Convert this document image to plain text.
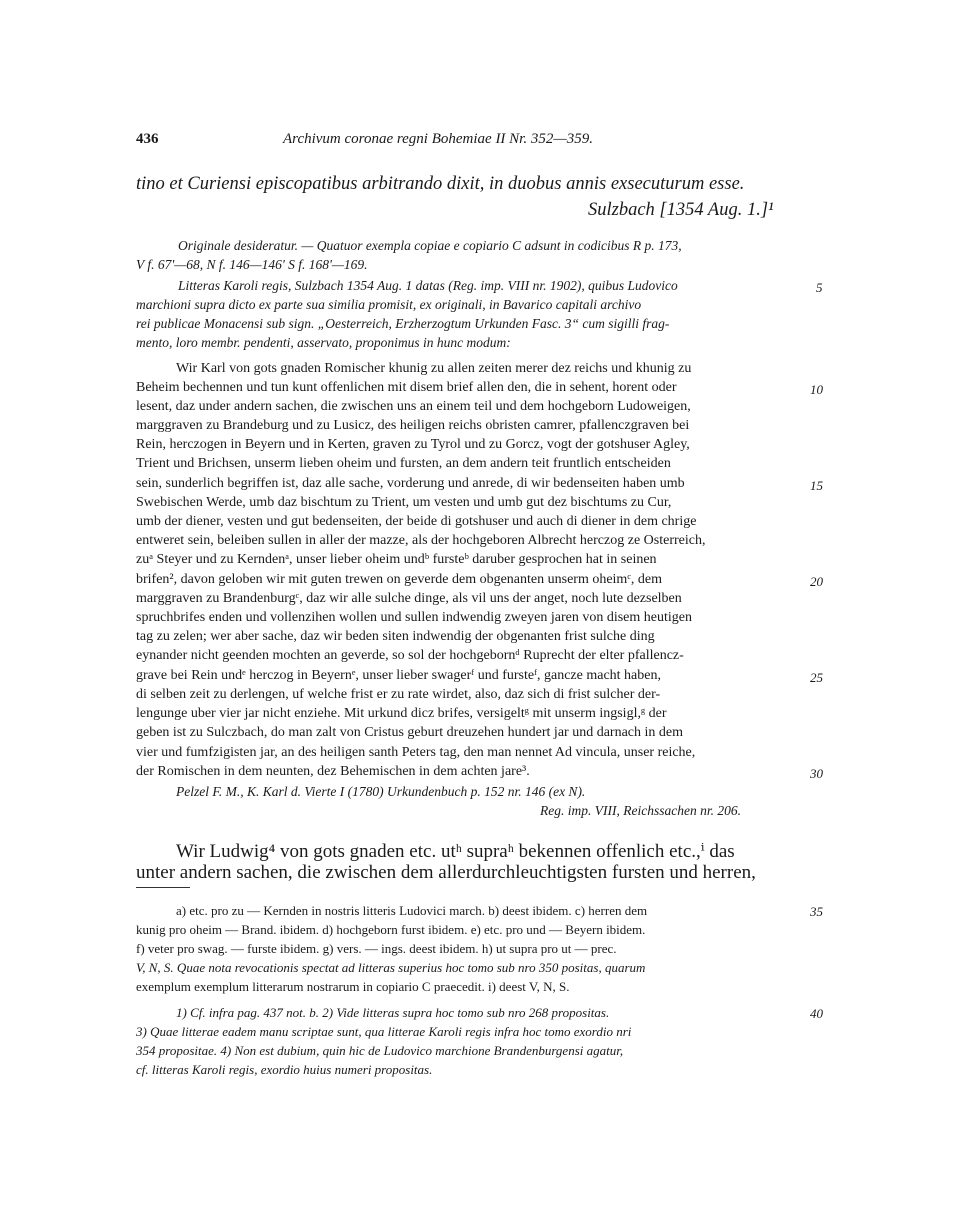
436	Archivum coronae regni Bohemiae II Nr. 352—359.
tino et Curiensi episcopatibus arbitrando dixit, in duobus annis exsecuturum esse.
Sulzbach [1354 Aug. 1.]¹
Originale desideratur. — Quatuor exempla copiae e copiario C adsunt in codicibus R p. 173,
V f. 67'—68, N f. 146—146' S f. 168'—169.
Litteras Karoli regis, Sulzbach 1354 Aug. 1 datas (Reg. imp. VIII nr. 1902), quibus Ludovico
marchioni supra dicto ex parte sua similia promisit, ex originali, in Bavarico capitali archivo
rei publicae Monacensi sub sign. „Oesterreich, Erzherzogtum Urkunden Fasc. 3“ cum sigilli frag-
mento, loro membr. pendenti, asservato, proponimus in hunc modum:
Wir Karl von gots gnaden Romischer khunig zu allen zeiten merer dez reichs und khunig zu
Beheim bechennen und tun kunt offenlichen mit disem brief allen den, die in sehent, horent oder
lesent, daz under andern sachen, die zwischen uns an einem teil und dem hochgeborn Ludoweigen,
marggraven zu Brandeburg und zu Lusicz, des heiligen reichs obristen camrer, pfallenczgraven bei
Rein, herczogen in Beyern und in Kerten, graven zu Tyrol und zu Gorcz, vogt der gotshuser Agley,
Trient und Brichsen, unserm lieben oheim und fursten, an dem andern teit fruntlich entscheiden
sein, sunderlich begriffen ist, daz alle sache, vorderung und anrede, di wir bedenseiten haben umb
Swebischen Werde, umb daz bischtum zu Trient, um vesten und umb gut dez bischtums zu Cur,
umb der diener, vesten und gut bedenseiten, der beide di gotshuser und auch di diener in dem chrige
entweret sein, beleiben sullen in aller der mazze, als der hochgeboren Albrecht herczog ze Osterreich,
zuᵃ Steyer und zu Kerndenᵃ, unser lieber oheim undᵇ fursteᵇ daruber gesprochen hat in seinen
brifen², davon geloben wir mit guten trewen on geverde dem obgenanten unserm oheimᶜ, dem
marggraven zu Brandenburgᶜ, daz wir alle sulche dinge, als vil uns der anget, noch lute dezselben
spruchbrifes enden und vollenzihen wollen und sullen indwendig zweyen jaren von disem heutigen
tag zu zelen; wer aber sache, daz wir beden siten indwendig der obgenanten frist sulche ding
eynander nicht geenden mochten an geverde, so sol der hochgebornᵈ Ruprecht der elter pfallencz-
grave bei Rein undᵉ herczog in Beyernᵉ, unser lieber swagerᶠ und fursteᶠ, gancze macht haben,
di selben zeit zu derlengen, uf welche frist er zu rate wirdet, also, daz sich di frist sulcher der-
lengunge uber vier jar nicht enziehe. Mit urkund dicz brifes, versigeltᵍ mit unserm ingsigl,ᵍ der
geben ist zu Sulczbach, do man zalt von Cristus geburt dreuzehen hundert jar und darnach in dem
vier und fumfzigisten jar, an des heiligen santh Peters tag, den man nennet Ad vincula, unser reiche,
der Romischen in dem neunten, dez Behemischen in dem achten jare³.
Pelzel F. M., K. Karl d. Vierte I (1780) Urkundenbuch p. 152 nr. 146 (ex N).
Reg. imp. VIII, Reichssachen nr. 206.
Wir Ludwig⁴ von gots gnaden etc. utʰ supraʰ bekennen offenlich etc.,ⁱ das
unter andern sachen, die zwischen dem allerdurchleuchtigsten fursten und herren,
a) etc. pro zu — Kernden in nostris litteris Ludovici march. b) deest ibidem. c) herren dem
kunig pro oheim — Brand. ibidem. d) hochgeborn furst ibidem. e) etc. pro und — Beyern ibidem.
f) veter pro swag. — furste ibidem. g) vers. — ings. deest ibidem. h) ut supra pro ut — prec.
V, N, S. Quae nota revocationis spectat ad litteras superius hoc tomo sub nro 350 positas, quarum
exemplum exemplum litterarum nostrarum in copiario C praecedit. i) deest V, N, S.
1) Cf. infra pag. 437 not. b. 2) Vide litteras supra hoc tomo sub nro 268 propositas.
3) Quae litterae eadem manu scriptae sunt, qua litterae Karoli regis infra hoc tomo exordio nri
354 propositae. 4) Non est dubium, quin hic de Ludovico marchione Brandenburgensi agatur,
cf. litteras Karoli regis, exordio huius numeri propositas.
5
10
15
20
25
30
35
40
